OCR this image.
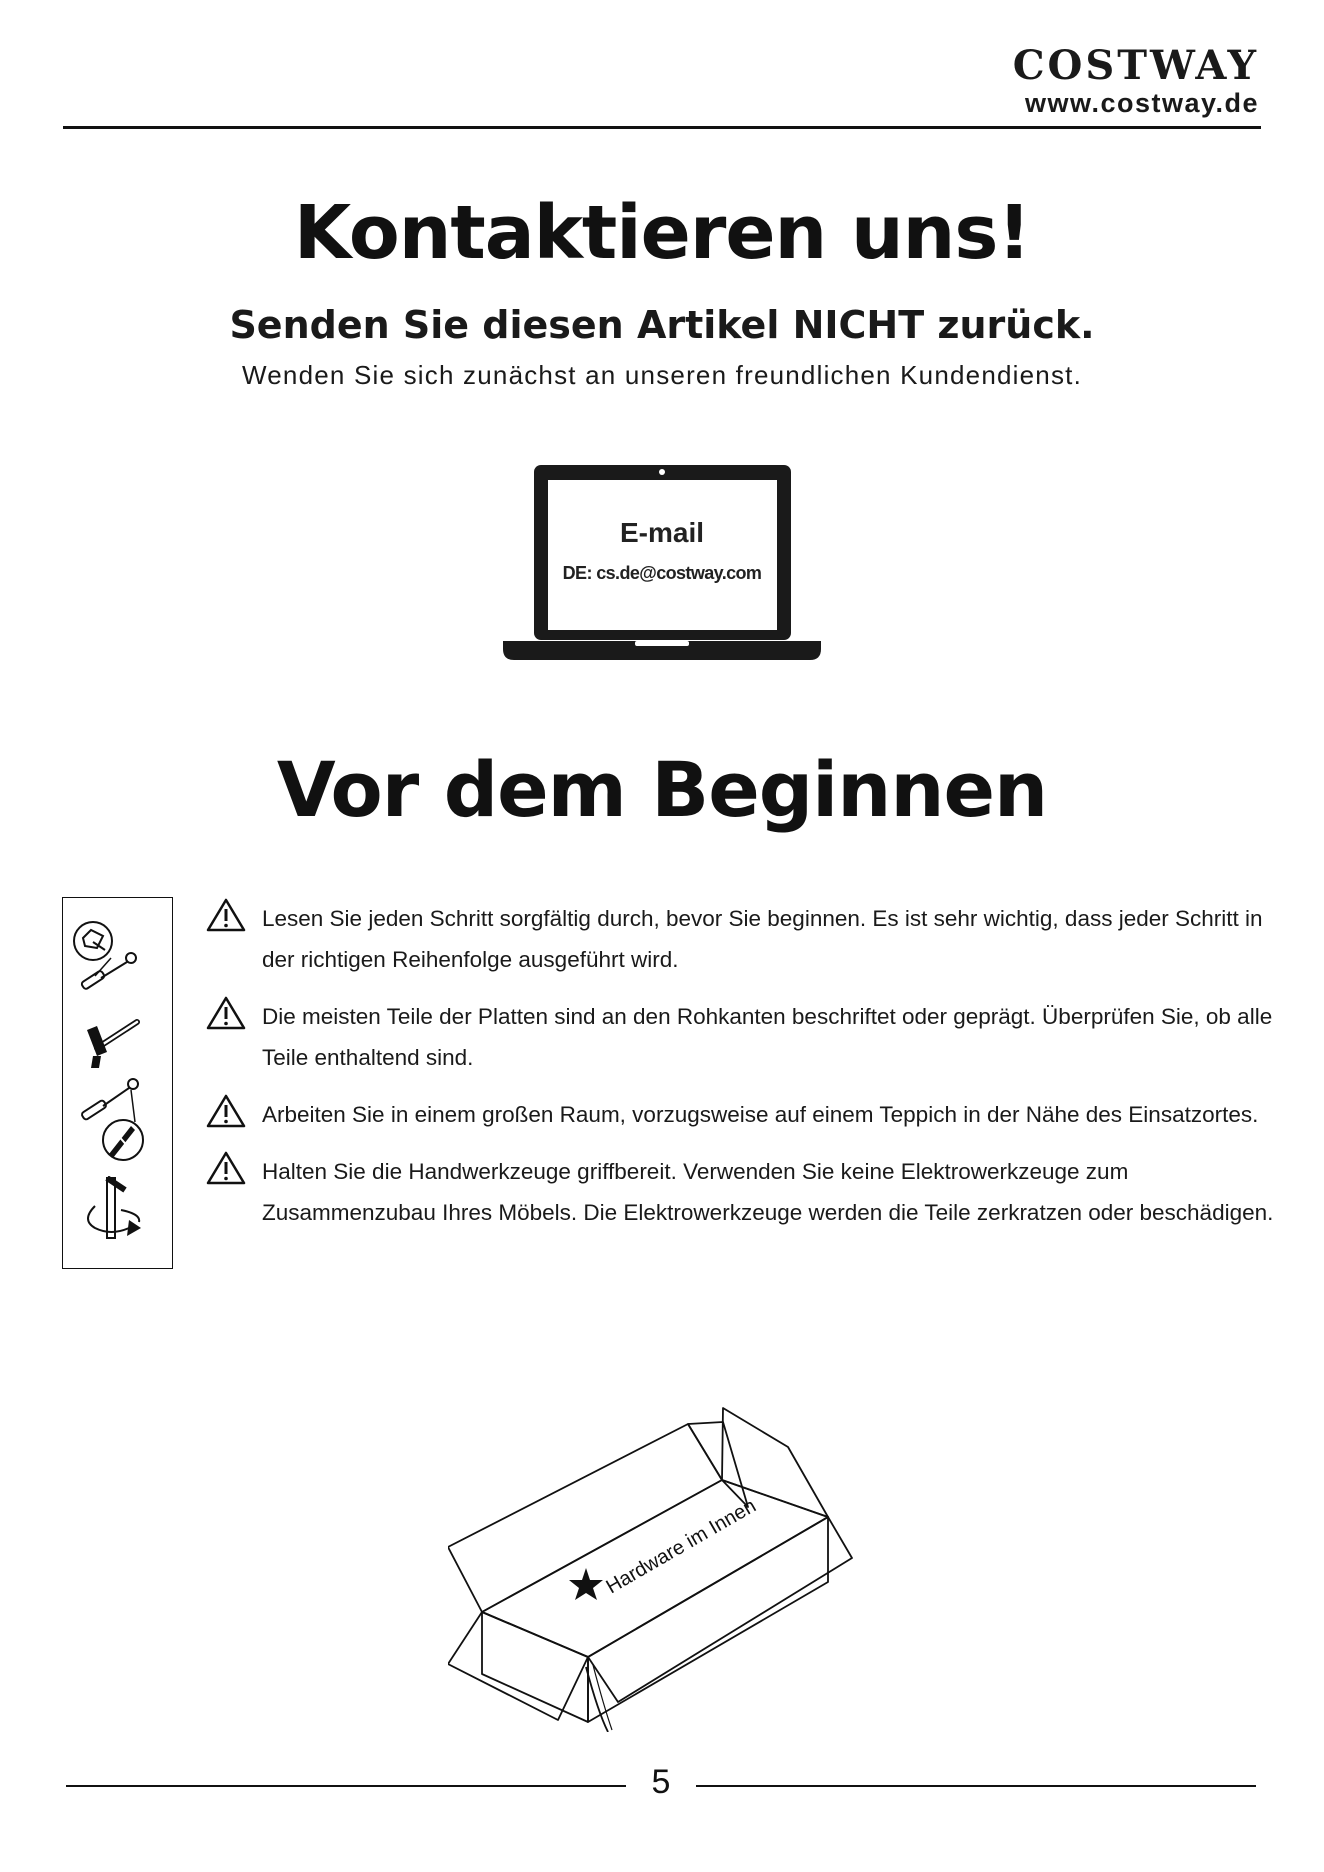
COSTWAY
www.costway.de
Kontaktieren uns!
Senden Sie diesen Artikel NICHT zurück.
Wenden Sie sich zunächst an unseren freundlichen Kundendienst.
E-mail
DE: cs.de@costway.com
Vor dem Beginnen
Lesen Sie jeden Schritt sorgfältig durch, bevor Sie beginnen. Es ist sehr wichtig, dass jeder Schritt in der richtigen Reihenfolge ausgeführt wird.
Die meisten Teile der Platten sind an den Rohkanten beschriftet oder geprägt. Überprüfen Sie, ob alle Teile enthaltend sind.
Arbeiten Sie in einem großen Raum, vorzugsweise auf einem Teppich in der Nähe des Einsatzortes.
Halten Sie die Handwerkzeuge griffbereit. Verwenden Sie keine Elektrowerkzeuge zum Zusammenzubau Ihres Möbels. Die Elektrowerkzeuge werden die Teile zerkratzen oder beschädigen.
Hardware im Innen
5
